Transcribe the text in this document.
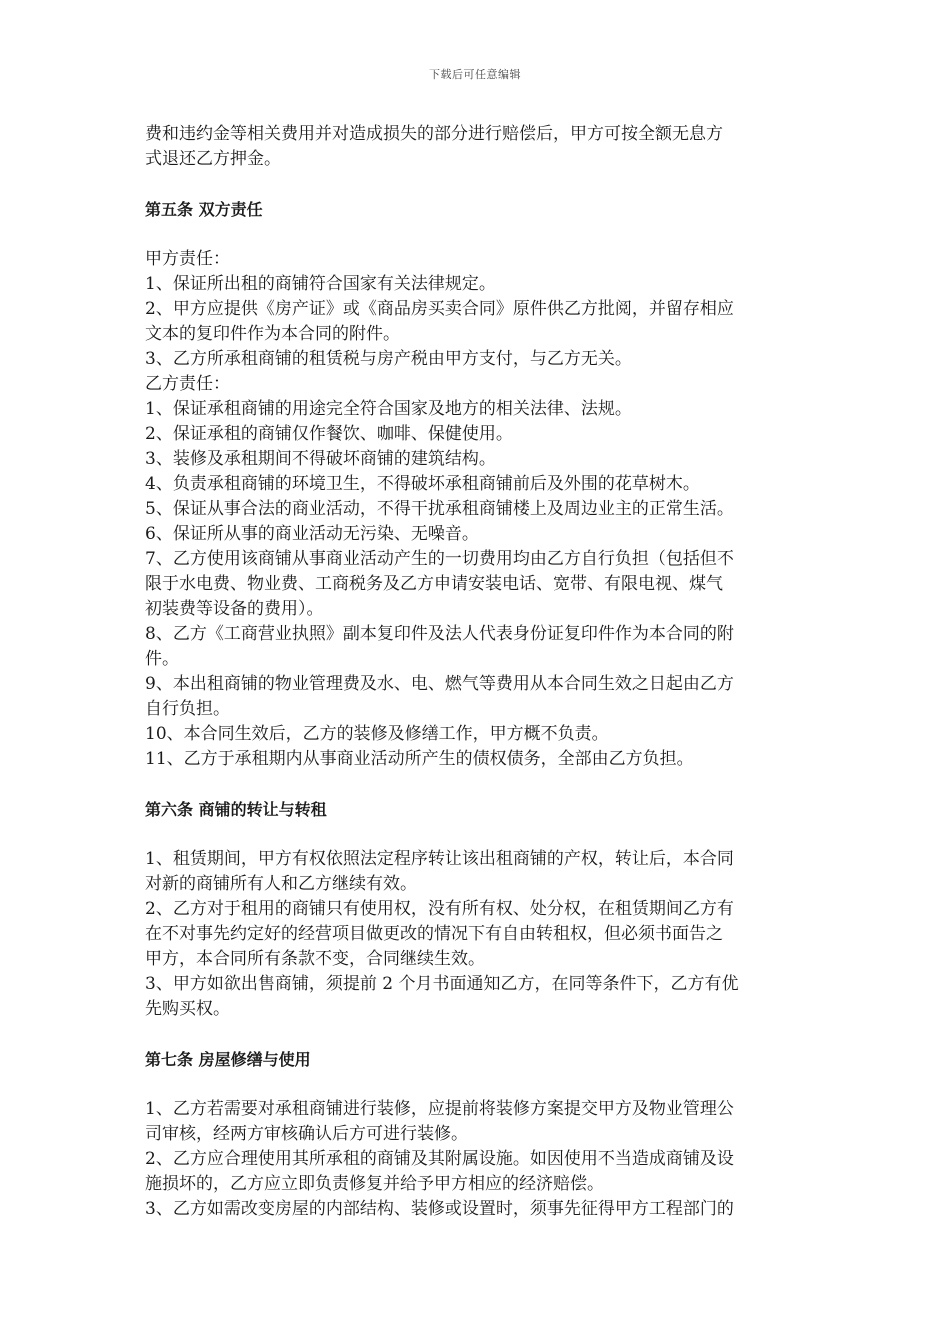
下载后可任意编辑
费和违约金等相关费用并对造成损失的部分进行赔偿后，甲方可按全额无息方
式退还乙方押金。
第五条 双方责任
甲方责任：
1、保证所出租的商铺符合国家有关法律规定。
2、甲方应提供《房产证》或《商品房买卖合同》原件供乙方批阅，并留存相应
文本的复印件作为本合同的附件。
3、乙方所承租商铺的租赁税与房产税由甲方支付，与乙方无关。
乙方责任：
1、保证承租商铺的用途完全符合国家及地方的相关法律、法规。
2、保证承租的商铺仅作餐饮、咖啡、保健使用。
3、装修及承租期间不得破坏商铺的建筑结构。
4、负责承租商铺的环境卫生，不得破坏承租商铺前后及外围的花草树木。
5、保证从事合法的商业活动，不得干扰承租商铺楼上及周边业主的正常生活。
6、保证所从事的商业活动无污染、无噪音。
7、乙方使用该商铺从事商业活动产生的一切费用均由乙方自行负担（包括但不
限于水电费、物业费、工商税务及乙方申请安装电话、宽带、有限电视、煤气
初装费等设备的费用）。
8、乙方《工商营业执照》副本复印件及法人代表身份证复印件作为本合同的附
件。
9、本出租商铺的物业管理费及水、电、燃气等费用从本合同生效之日起由乙方
自行负担。
10、本合同生效后，乙方的装修及修缮工作，甲方概不负责。
11、乙方于承租期内从事商业活动所产生的债权债务，全部由乙方负担。
第六条 商铺的转让与转租
1、租赁期间，甲方有权依照法定程序转让该出租商铺的产权，转让后，本合同
对新的商铺所有人和乙方继续有效。
2、乙方对于租用的商铺只有使用权，没有所有权、处分权，在租赁期间乙方有
在不对事先约定好的经营项目做更改的情况下有自由转租权，但必须书面告之
甲方，本合同所有条款不变，合同继续生效。
3、甲方如欲出售商铺，须提前 2 个月书面通知乙方，在同等条件下，乙方有优
先购买权。
第七条 房屋修缮与使用
1、乙方若需要对承租商铺进行装修，应提前将装修方案提交甲方及物业管理公
司审核，经两方审核确认后方可进行装修。
2、乙方应合理使用其所承租的商铺及其附属设施。如因使用不当造成商铺及设
施损坏的，乙方应立即负责修复并给予甲方相应的经济赔偿。
3、乙方如需改变房屋的内部结构、装修或设置时，须事先征得甲方工程部门的
